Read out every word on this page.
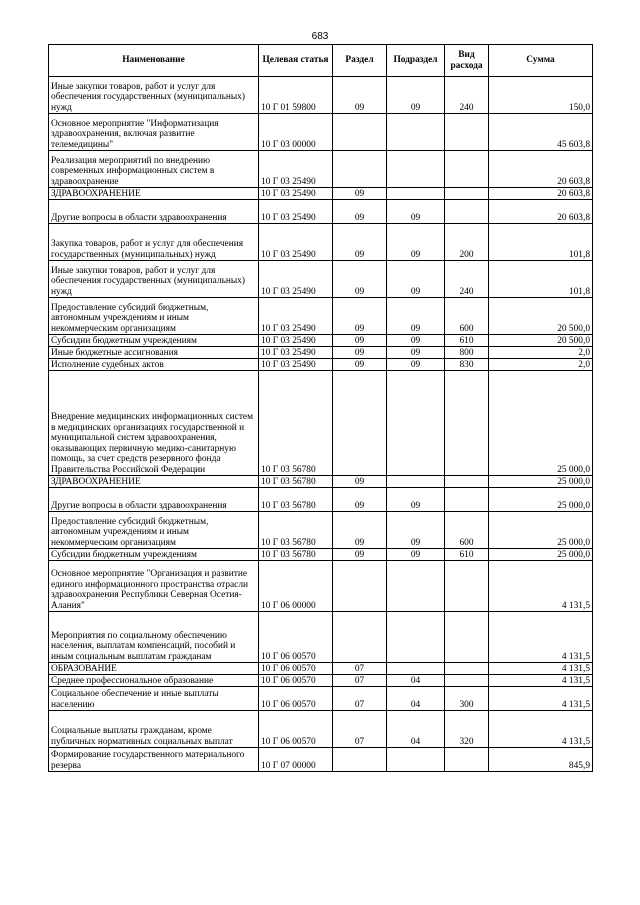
683
Наименование	Целевая статья	Раздел	Подраздел	Вид расхода	Сумма
Иные закупки товаров, работ и услуг для обеспечения государственных (муниципальных) нужд	10 Г 01 59800	09	09	240	150,0
Основное мероприятие "Информатизация здравоохранения, включая развитие телемедицины"	10 Г 03 00000				45 603,8
Реализация мероприятий по внедрению современных информационных систем в здравоохранение	10 Г 03 25490				20 603,8
ЗДРАВООХРАНЕНИЕ	10 Г 03 25490	09			20 603,8
Другие вопросы в области здравоохранения	10 Г 03 25490	09	09		20 603,8
Закупка товаров, работ и услуг для обеспечения государственных (муниципальных) нужд	10 Г 03 25490	09	09	200	101,8
Иные закупки товаров, работ и услуг для обеспечения государственных (муниципальных) нужд	10 Г 03 25490	09	09	240	101,8
Предоставление субсидий бюджетным, автономным учреждениям и иным некоммерческим организациям	10 Г 03 25490	09	09	600	20 500,0
Субсидии бюджетным учреждениям	10 Г 03 25490	09	09	610	20 500,0
Иные бюджетные ассигнования	10 Г 03 25490	09	09	800	2,0
Исполнение судебных актов	10 Г 03 25490	09	09	830	2,0
Внедрение медицинских информационных систем в медицинских организациях государственной и муниципальной систем здравоохранения, оказывающих первичную медико-санитарную помощь, за счет средств резервного фонда Правительства Российской Федерации	10 Г 03 56780				25 000,0
ЗДРАВООХРАНЕНИЕ	10 Г 03 56780	09			25 000,0
Другие вопросы в области здравоохранения	10 Г 03 56780	09	09		25 000,0
Предоставление субсидий бюджетным, автономным учреждениям и иным некоммерческим организациям	10 Г 03 56780	09	09	600	25 000,0
Субсидии бюджетным учреждениям	10 Г 03 56780	09	09	610	25 000,0
Основное мероприятие "Организация и развитие единого информационного пространства отрасли здравоохранения Республики Северная Осетия-Алания"	10 Г 06 00000				4 131,5
Мероприятия по социальному обеспечению населения, выплатам компенсаций, пособий и иным социальным выплатам гражданам	10 Г 06 00570				4 131,5
ОБРАЗОВАНИЕ	10 Г 06 00570	07			4 131,5
Среднее профессиональное образование	10 Г 06 00570	07	04		4 131,5
Социальное обеспечение и иные выплаты населению	10 Г 06 00570	07	04	300	4 131,5
Социальные выплаты гражданам, кроме публичных нормативных социальных выплат	10 Г 06 00570	07	04	320	4 131,5
Формирование государственного материального резерва	10 Г 07 00000				845,9
